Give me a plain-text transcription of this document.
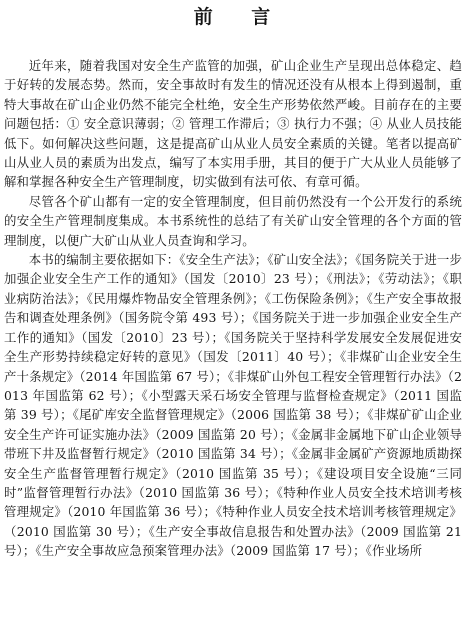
前 言

近年来，随着我国对安全生产监管的加强，矿山企业生产呈现出总体稳定、趋于好转的发展态势。然而，安全事故时有发生的情况还没有从根本上得到遏制，重特大事故在矿山企业仍然不能完全杜绝，安全生产形势依然严峻。目前存在的主要问题包括：① 安全意识薄弱；② 管理工作滞后；③ 执行力不强；④ 从业人员技能低下。如何解决这些问题，这是提高矿山从业人员安全素质的关键。笔者以提高矿山从业人员的素质为出发点，编写了本实用手册，其目的便于广大从业人员能够了解和掌握各种安全生产管理制度，切实做到有法可依、有章可循。

尽管各个矿山都有一定的安全管理制度，但目前仍然没有一个公开发行的系统的安全生产管理制度集成。本书系统性的总结了有关矿山安全管理的各个方面的管理制度，以便广大矿山从业人员查询和学习。

本书的编制主要依据如下：《安全生产法》；《矿山安全法》；《国务院关于进一步加强企业安全生产工作的通知》（国发〔2010〕23 号）；《刑法》；《劳动法》；《职业病防治法》；《民用爆炸物品安全管理条例》；《工伤保险条例》；《生产安全事故报告和调查处理条例》（国务院令第 493 号）；《国务院关于进一步加强企业安全生产工作的通知》（国发〔2010〕23 号）；《国务院关于坚持科学发展安全发展促进安全生产形势持续稳定好转的意见》（国发〔2011〕40 号）；《非煤矿山企业安全生产十条规定》（2014 年国监第 67 号）；《非煤矿山外包工程安全管理暂行办法》（2013 年国监第 62 号）；《小型露天采石场安全管理与监督检查规定》（2011 国监第 39 号）；《尾矿库安全监督管理规定》（2006 国监第 38 号）；《非煤矿矿山企业安全生产许可证实施办法》（2009 国监第 20 号）；《金属非金属地下矿山企业领导带班下井及监督暂行规定》（2010 国监第 34 号）；《金属非金属矿产资源地质勘探安全生产监督管理暂行规定》（2010 国监第 35 号）；《建设项目安全设施“三同时”监督管理暂行办法》（2010 国监第 36 号）；《特种作业人员安全技术培训考核管理规定》（2010 年国监第 36 号）；《特种作业人员安全技术培训考核管理规定》（2010 国监第 30 号）；《生产安全事故信息报告和处置办法》（2009 国监第 21 号）；《生产安全事故应急预案管理办法》（2009 国监第 17 号）；《作业场所
